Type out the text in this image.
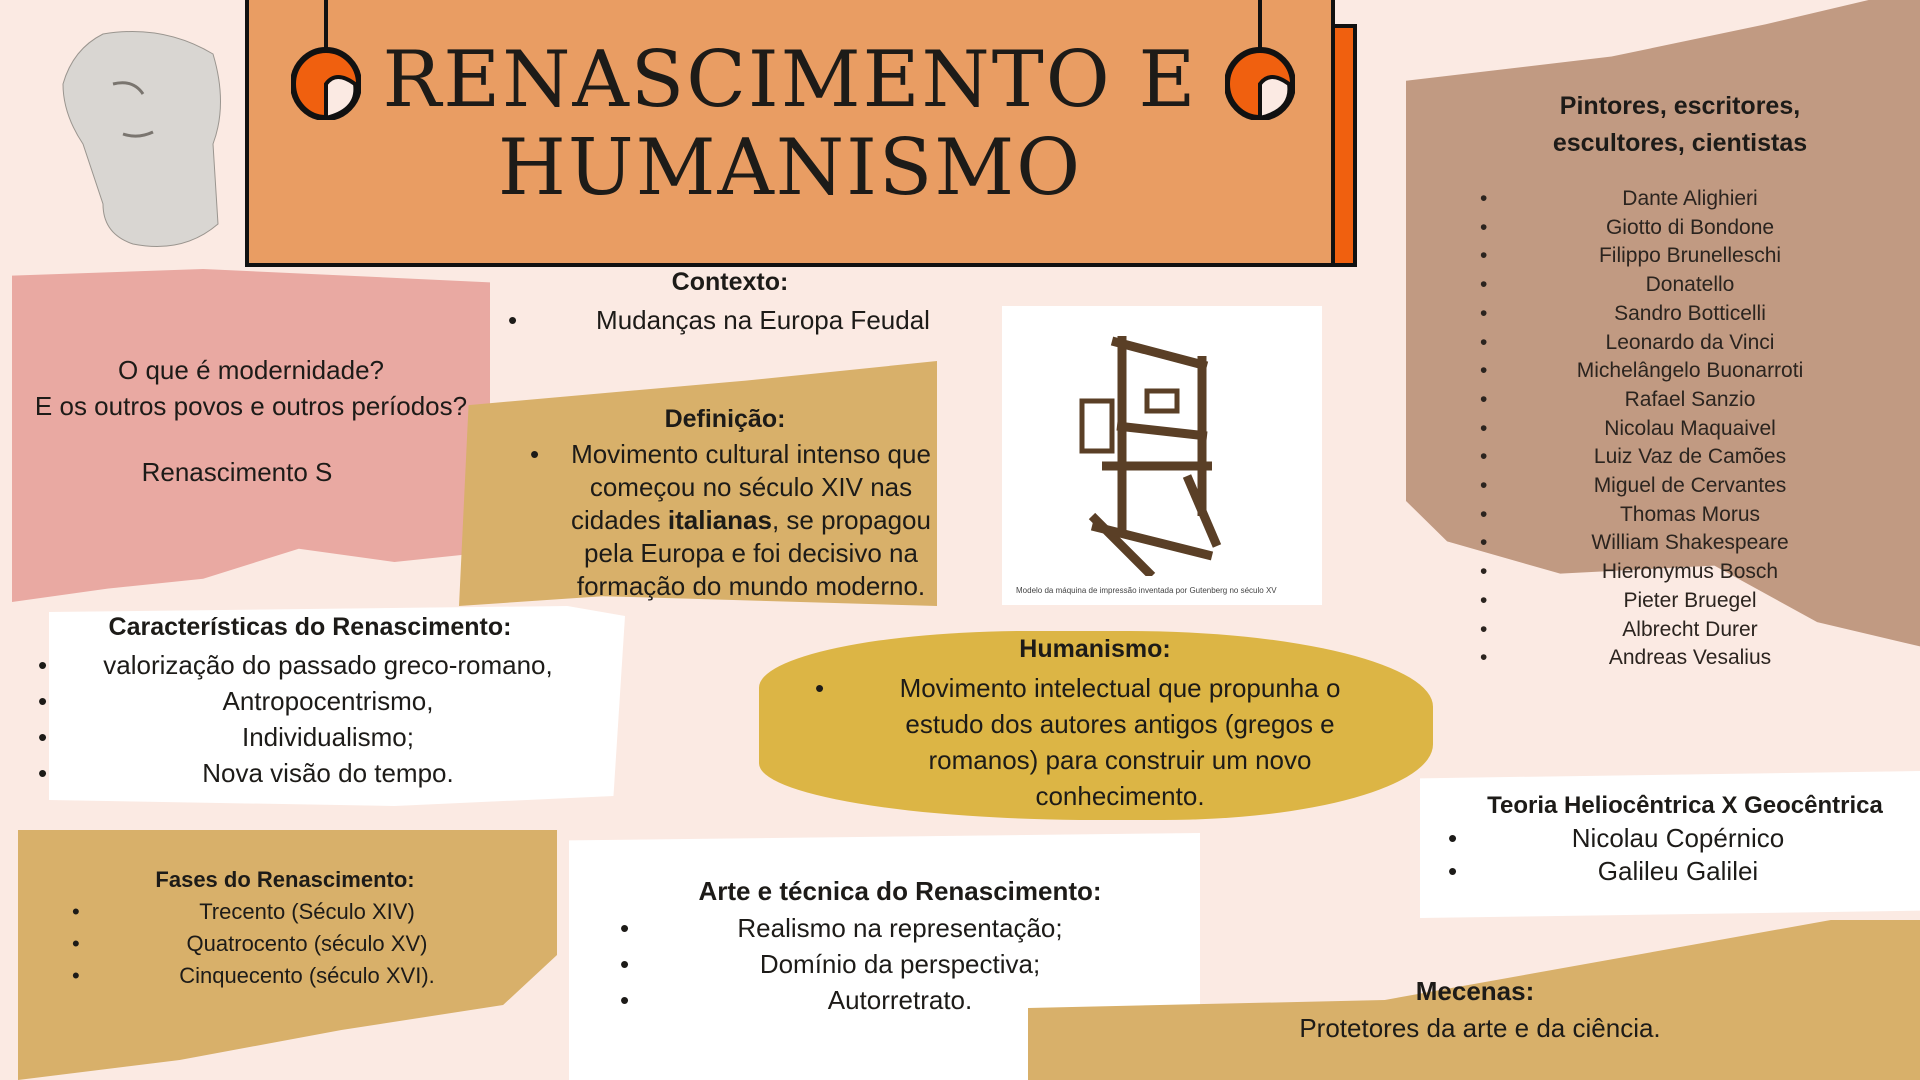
RENASCIMENTO E
HUMANISMO
O que é modernidade?
E os outros povos e outros períodos?
Renascimento S
Contexto:
• Mudanças na Europa Feudal
Definição:
• Movimento cultural intenso que começou no século XIV nas cidades italianas, se propagou pela Europa e foi decisivo na formação do mundo moderno.	Modelo da máquina de impressão inventada por Gutenberg no século XV
Pintores, escritores, escultores, cientistas
• Dante Alighieri
• Giotto di Bondone
• Filippo Brunelleschi
• Donatello
• Sandro Botticelli
• Leonardo da Vinci
• Michelângelo Buonarroti
• Rafael Sanzio
• Nicolau Maquaivel
• Luiz Vaz de Camões
• Miguel de Cervantes
• Thomas Morus
• William Shakespeare
• Hieronymus Bosch
• Pieter Bruegel
• Albrecht Durer
• Andreas Vesalius
Características do Renascimento:
• valorização do passado greco-romano,
• Antropocentrismo,
• Individualismo;
• Nova visão do tempo.
Humanismo:
•	Movimento intelectual que propunha o estudo dos autores antigos (gregos e romanos) para construir um novo conhecimento.	Teoria Heliocêntrica X Geocêntrica
• Nicolau Copérnico
• Galileu Galilei
Fases do Renascimento:
• Trecento (Século XIV)
• Quatrocento (século XV)
• Cinquecento (século XVI).
Arte e técnica do Renascimento:
• Realismo na representação;
• Domínio da perspectiva;
• Autorretrato.	Mecenas:
Protetores da arte e da ciência.
